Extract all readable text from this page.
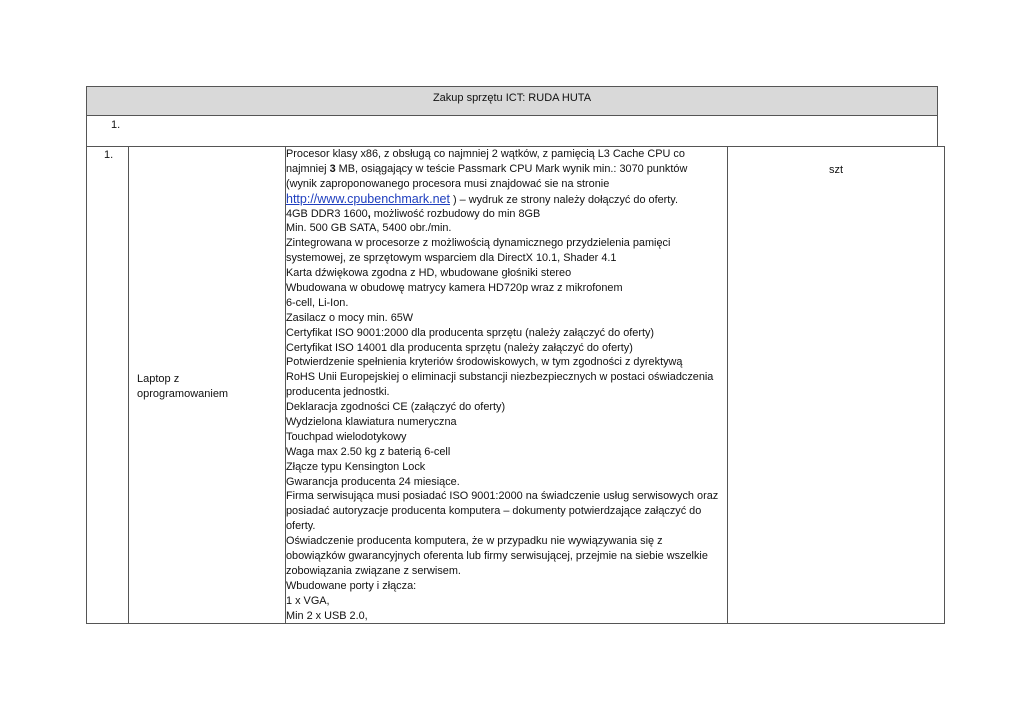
Zakup sprzętu ICT: RUDA HUTA
1.
1.
Laptop z
oprogramowaniem
Procesor klasy x86, z obsługą co najmniej 2 wątków, z pamięcią L3 Cache CPU co
najmniej 3 MB, osiągający w teście Passmark CPU Mark wynik min.: 3070 punktów
(wynik zaproponowanego procesora musi znajdować sie na stronie
http://www.cpubenchmark.net ) – wydruk ze strony należy dołączyć do oferty.
4GB DDR3 1600, możliwość rozbudowy do min 8GB
Min. 500 GB SATA, 5400 obr./min.
Zintegrowana w procesorze z możliwością dynamicznego przydzielenia pamięci
systemowej, ze sprzętowym wsparciem dla DirectX 10.1, Shader 4.1
Karta dźwiękowa zgodna z HD, wbudowane głośniki stereo
Wbudowana w obudowę matrycy kamera HD720p wraz z mikrofonem
6-cell, Li-Ion.
Zasilacz o mocy min. 65W
Certyfikat ISO 9001:2000 dla producenta sprzętu (należy załączyć do oferty)
Certyfikat ISO 14001 dla producenta sprzętu (należy załączyć do oferty)
Potwierdzenie spełnienia kryteriów środowiskowych, w tym zgodności z dyrektywą
RoHS Unii Europejskiej o eliminacji substancji niezbezpiecznych w postaci oświadczenia
producenta jednostki.
Deklaracja zgodności CE (załączyć do oferty)
Wydzielona klawiatura numeryczna
Touchpad wielodotykowy
Waga max 2.50 kg z baterią 6-cell
Złącze typu Kensington Lock
Gwarancja producenta 24 miesiące.
Firma serwisująca musi posiadać ISO 9001:2000 na świadczenie usług serwisowych oraz
posiadać autoryzacje producenta komputera – dokumenty potwierdzające załączyć do
oferty.
Oświadczenie producenta komputera, że w przypadku nie wywiązywania się z
obowiązków gwarancyjnych oferenta lub firmy serwisującej, przejmie na siebie wszelkie
zobowiązania związane z serwisem.
Wbudowane porty i złącza:
1 x VGA,
Min 2 x USB 2.0,
szt
